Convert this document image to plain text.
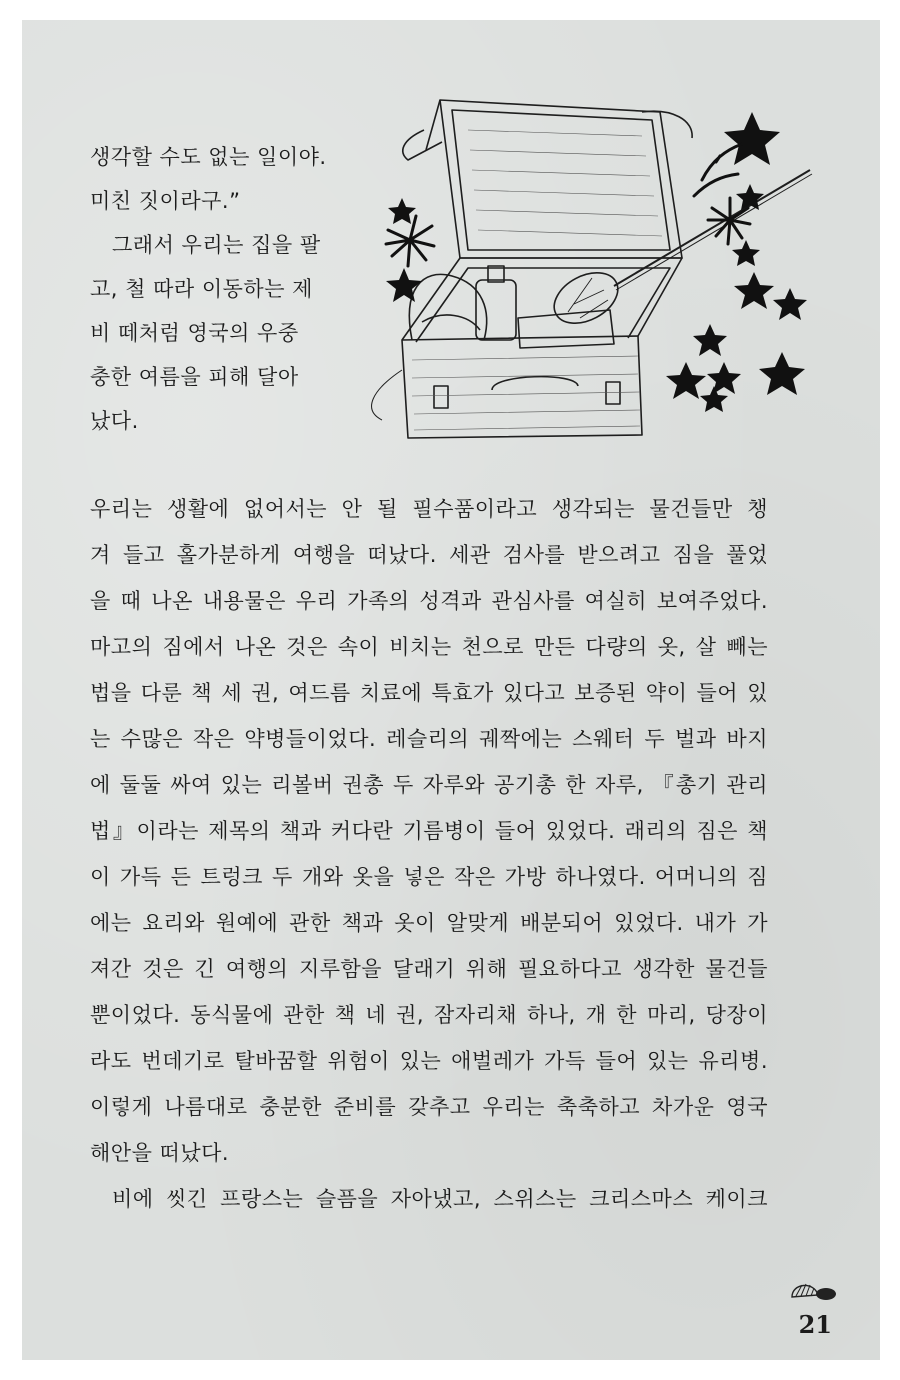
생각할 수도 없는 일이야.
미친 짓이라구.”
그래서 우리는 집을 팔
고, 철 따라 이동하는 제
비 떼처럼 영국의 우중
충한 여름을 피해 달아
났다.
우리는 생활에 없어서는 안 될 필수품이라고 생각되는 물건들만 챙
겨 들고 홀가분하게 여행을 떠났다. 세관 검사를 받으려고 짐을 풀었
을 때 나온 내용물은 우리 가족의 성격과 관심사를 여실히 보여주었다.
마고의 짐에서 나온 것은 속이 비치는 천으로 만든 다량의 옷, 살 빼는
법을 다룬 책 세 권, 여드름 치료에 특효가 있다고 보증된 약이 들어 있
는 수많은 작은 약병들이었다. 레슬리의 궤짝에는 스웨터 두 벌과 바지
에 둘둘 싸여 있는 리볼버 권총 두 자루와 공기총 한 자루, 『총기 관리
법』이라는 제목의 책과 커다란 기름병이 들어 있었다. 래리의 짐은 책
이 가득 든 트렁크 두 개와 옷을 넣은 작은 가방 하나였다. 어머니의 짐
에는 요리와 원예에 관한 책과 옷이 알맞게 배분되어 있었다. 내가 가
져간 것은 긴 여행의 지루함을 달래기 위해 필요하다고 생각한 물건들
뿐이었다. 동식물에 관한 책 네 권, 잠자리채 하나, 개 한 마리, 당장이
라도 번데기로 탈바꿈할 위험이 있는 애벌레가 가득 들어 있는 유리병.
이렇게 나름대로 충분한 준비를 갖추고 우리는 축축하고 차가운 영국
해안을 떠났다.
비에 씻긴 프랑스는 슬픔을 자아냈고, 스위스는 크리스마스 케이크
21
